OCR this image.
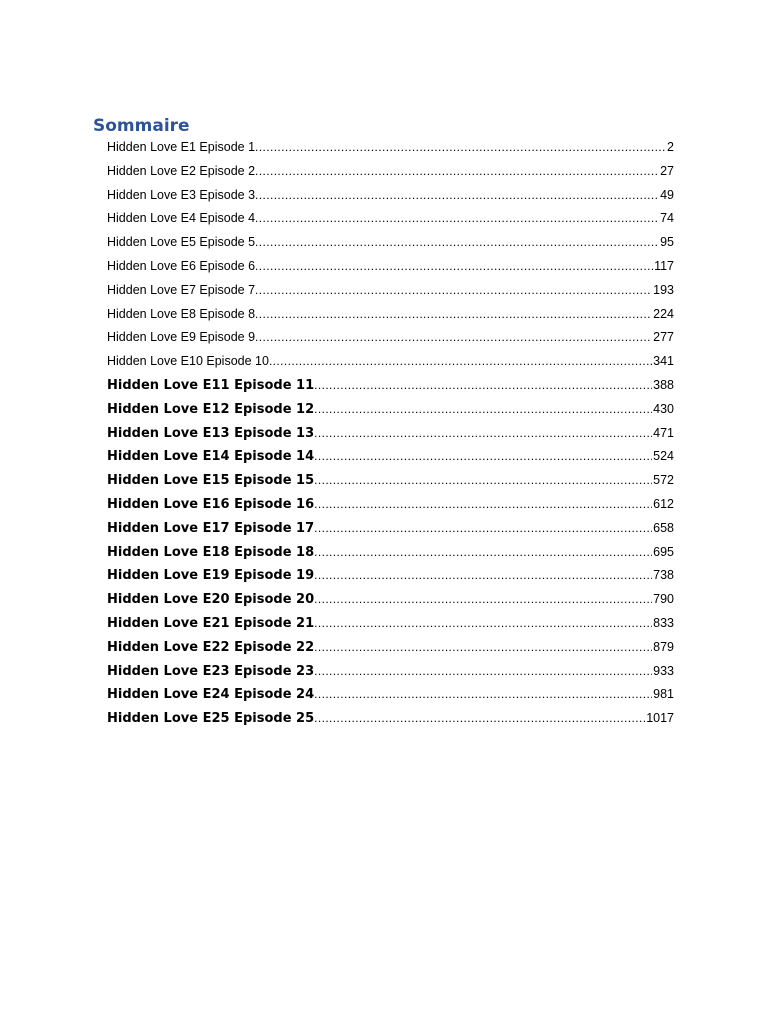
Sommaire
Hidden Love E1 Episode 1 .....	2
Hidden Love E2 Episode 2 .....	27
Hidden Love E3 Episode 3 .....	49
Hidden Love E4 Episode 4 .....	74
Hidden Love E5 Episode 5 .....	95
Hidden Love E6 Episode 6 .....	117
Hidden Love E7 Episode 7 .....	193
Hidden Love E8 Episode 8 .....	224
Hidden Love E9 Episode 9 .....	277
Hidden Love E10 Episode 10 .....	341
Hidden Love E11 Episode 11 .....	388
Hidden Love E12 Episode 12 .....	430
Hidden Love E13 Episode 13 .....	471
Hidden Love E14 Episode 14 .....	524
Hidden Love E15 Episode 15 .....	572
Hidden Love E16 Episode 16 .....	612
Hidden Love E17 Episode 17 .....	658
Hidden Love E18 Episode 18 .....	695
Hidden Love E19 Episode 19 .....	738
Hidden Love E20 Episode 20 .....	790
Hidden Love E21 Episode 21 .....	833
Hidden Love E22 Episode 22 .....	879
Hidden Love E23 Episode 23 .....	933
Hidden Love E24 Episode 24 .....	981
Hidden Love E25 Episode 25 .....	1017
